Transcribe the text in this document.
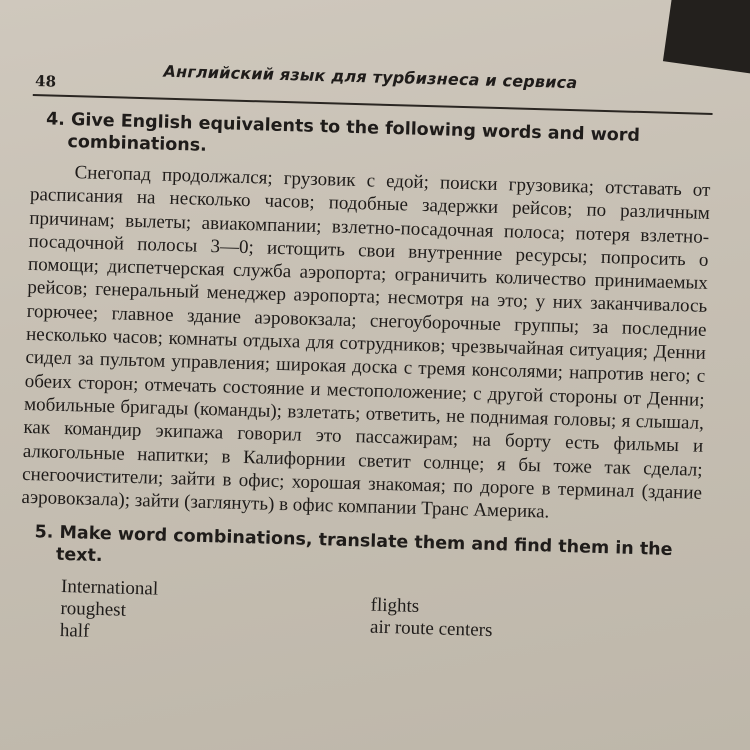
48	Английский язык для турбизнеса и сервиса
4. Give English equivalents to the following words and word combinations.
Снегопад продолжался; грузовик с едой; поиски грузовика; отставать от расписания на несколько часов; подобные задержки рейсов; по различным причинам; вылеты; авиакомпании; взлетно-посадочная полоса; потеря взлетно-посадочной полосы 3—0; истощить свои внутренние ресурсы; попросить о помощи; диспетчерская служба аэропорта; ограничить количество принимаемых рейсов; генеральный менеджер аэропорта; несмотря на это; у них заканчивалось горючее; главное здание аэровокзала; снегоуборочные группы; за последние несколько часов; комнаты отдыха для сотрудников; чрезвычайная ситуация; Денни сидел за пультом управления; широкая доска с тремя консолями; напротив него; с обеих сторон; отмечать состояние и местоположение; с другой стороны от Денни; мобильные бригады (команды); взлетать; ответить, не поднимая головы; я слышал, как командир экипажа говорил это пассажирам; на борту есть фильмы и алкогольные напитки; в Калифорнии светит солнце; я бы тоже так сделал; снегоочистители; зайти в офис; хорошая знакомая; по дороге в терминал (здание аэровокзала); зайти (заглянуть) в офис компании Транс Америка.
5. Make word combinations, translate them and find them in the text.
International
roughest
half
flights
air route centers
